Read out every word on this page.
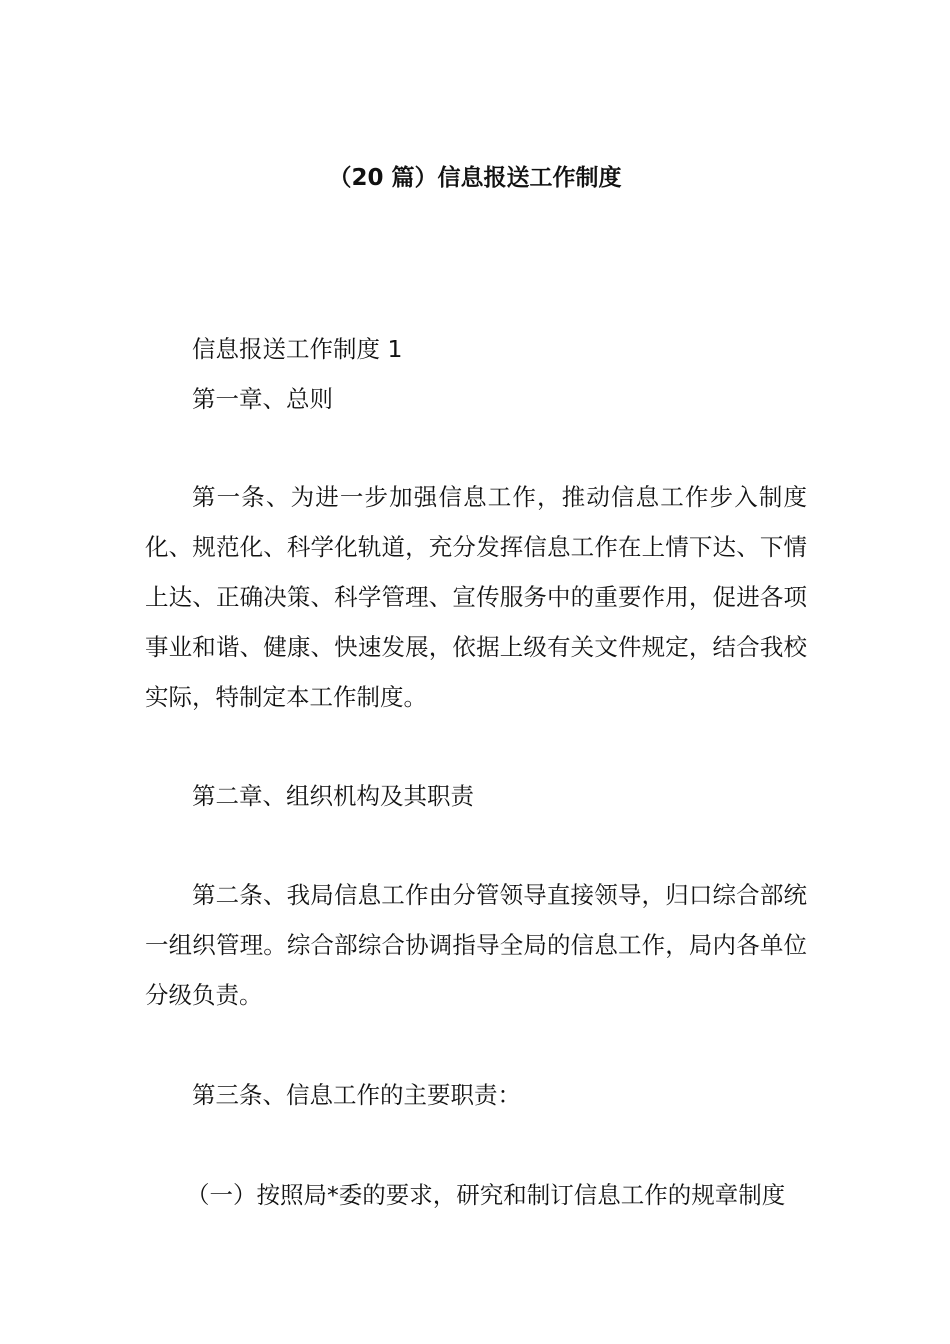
（20 篇）信息报送工作制度
信息报送工作制度 1
第一章、总则
第一条、为进一步加强信息工作，推动信息工作步入制度化、规范化、科学化轨道，充分发挥信息工作在上情下达、下情上达、正确决策、科学管理、宣传服务中的重要作用，促进各项事业和谐、健康、快速发展，依据上级有关文件规定，结合我校实际，特制定本工作制度。
第二章、组织机构及其职责
第二条、我局信息工作由分管领导直接领导，归口综合部统一组织管理。综合部综合协调指导全局的信息工作，局内各单位分级负责。
第三条、信息工作的主要职责：
（一）按照局*委的要求，研究和制订信息工作的规章制度
